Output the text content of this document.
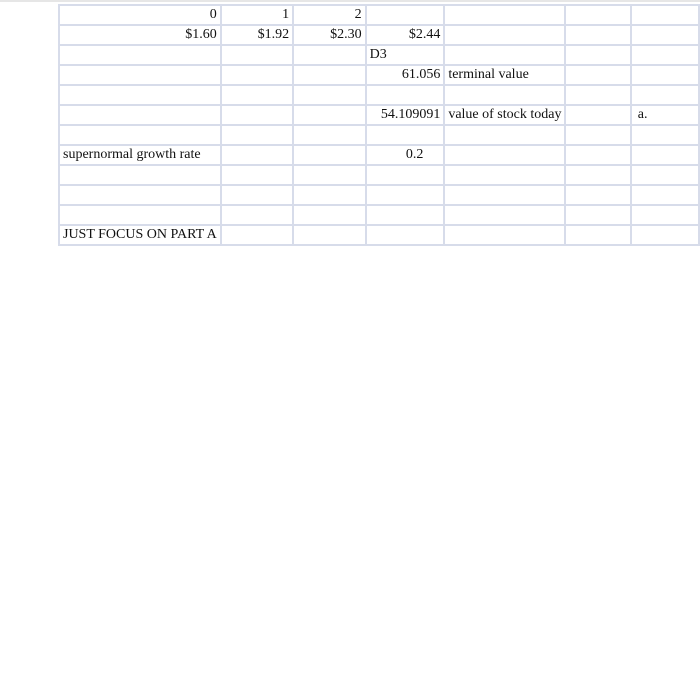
0	1	2				
$1.60	$1.92	$2.30	$2.44			
			D3			
			61.056	terminal value		

			54.109091	value of stock today		a.

supernormal growth rate			0.2			

JUST FOCUS ON PART A						
